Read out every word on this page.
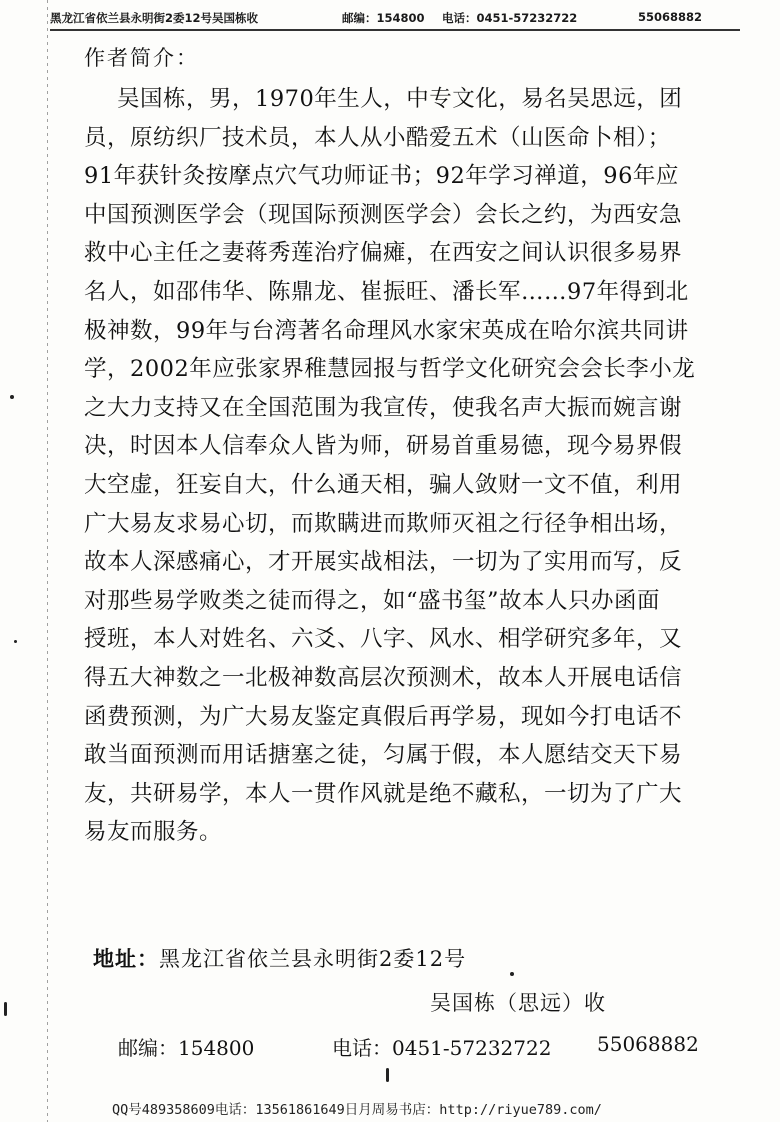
黑龙江省依兰县永明街2委12号吴国栋收	邮编：154800 电话：0451-57232722	55068882
作者简介：
吴国栋，男，1970年生人，中专文化，易名吴思远，团
员，原纺织厂技术员，本人从小酷爱五术（山医命卜相）；
91年获针灸按摩点穴气功师证书；92年学习禅道，96年应
中国预测医学会（现国际预测医学会）会长之约，为西安急
救中心主任之妻蒋秀莲治疗偏瘫，在西安之间认识很多易界
名人，如邵伟华、陈鼎龙、崔振旺、潘长军……97年得到北
极神数，99年与台湾著名命理风水家宋英成在哈尔滨共同讲
学，2002年应张家界稚慧园报与哲学文化研究会会长李小龙
之大力支持又在全国范围为我宣传，使我名声大振而婉言谢
决，时因本人信奉众人皆为师，研易首重易德，现今易界假
大空虚，狂妄自大，什么通天相，骗人敛财一文不值，利用
广大易友求易心切，而欺瞒进而欺师灭祖之行径争相出场，
故本人深感痛心，才开展实战相法，一切为了实用而写，反
对那些易学败类之徒而得之，如“盛书玺”故本人只办函面
授班，本人对姓名、六爻、八字、风水、相学研究多年，又
得五大神数之一北极神数高层次预测术，故本人开展电话信
函费预测，为广大易友鉴定真假后再学易，现如今打电话不
敢当面预测而用话搪塞之徒，匀属于假，本人愿结交天下易
友，共研易学，本人一贯作风就是绝不藏私，一切为了广大
易友而服务。
地址：黑龙江省依兰县永明街2委12号
吴国栋（思远）收
邮编：154800	电话：0451-57232722 55068882
QQ号489358609电话：13561861649日月周易书店：http://riyue789.com/
